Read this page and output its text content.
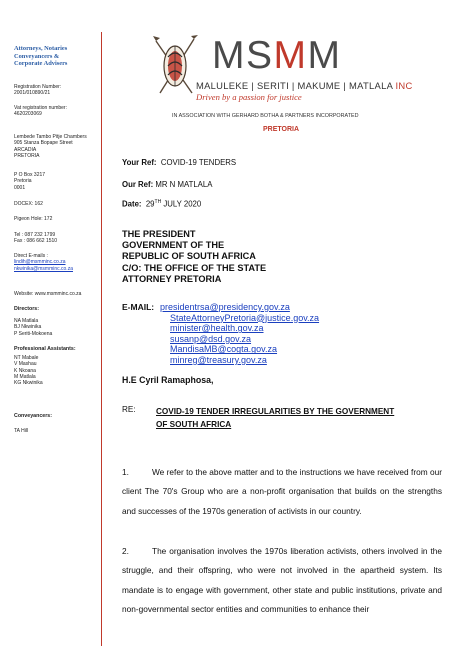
Attorneys, Notaries
Conveyancers &
Corporate Advisers
Registration Number:
2001/010890/21
Vat registration number:
4620203069
Lembede Tambo Pitje Chambers
905 Stanza Bopape Street
ARCADIA
PRETORIA
P O Box 3217
Pretoria
0001
DOCEX: 162
Pigeon Hole: 172
Tel : 087 232 1799
Fax : 086 662 1510
Direct E-mails :
lindih@msmminc.co.za
nkwinika@msmminc.co.za
Website: www.msmminc.co.za
Directors:
NA Matlala
BJ Nkwinika
P Seriti-Mokoena
Professional Assistants:
NT Mabale
V Mashau
K Nkoana
M Matlala
KG Nkwinika
Conveyancers:
TA Hill
MSMM
MALULEKE | SERITI | MAKUME | MATLALA INC
Driven by a passion for justice
IN ASSOCIATION WITH GERHARD BOTHA & PARTNERS INCORPORATED
PRETORIA
Your Ref: COVID-19 TENDERS
Our Ref: MR N MATLALA
Date: 29TH JULY 2020
THE PRESIDENT
GOVERNMENT OF THE
REPUBLIC OF SOUTH AFRICA
C/O: THE OFFICE OF THE STATE
ATTORNEY PRETORIA
E-MAIL: presidentrsa@presidency.gov.za
StateAttorneyPretoria@justice.gov.za
minister@health.gov.za
susanp@dsd.gov.za
MandisaMB@cogta.gov.za
minreg@treasury.gov.za
H.E Cyril Ramaphosa,
RE: COVID-19 TENDER IRREGULARITIES BY THE GOVERNMENT
OF SOUTH AFRICA
1.	We refer to the above matter and to the instructions we have received from our client The 70's Group who are a non-profit organisation that builds on the strengths and successes of the 1970s generation of activists in our country.
2.	The organisation involves the 1970s liberation activists, others involved in the struggle, and their offspring, who were not involved in the apartheid system. Its mandate is to engage with government, other state and public institutions, private and non-governmental sector entities and communities to enhance their
